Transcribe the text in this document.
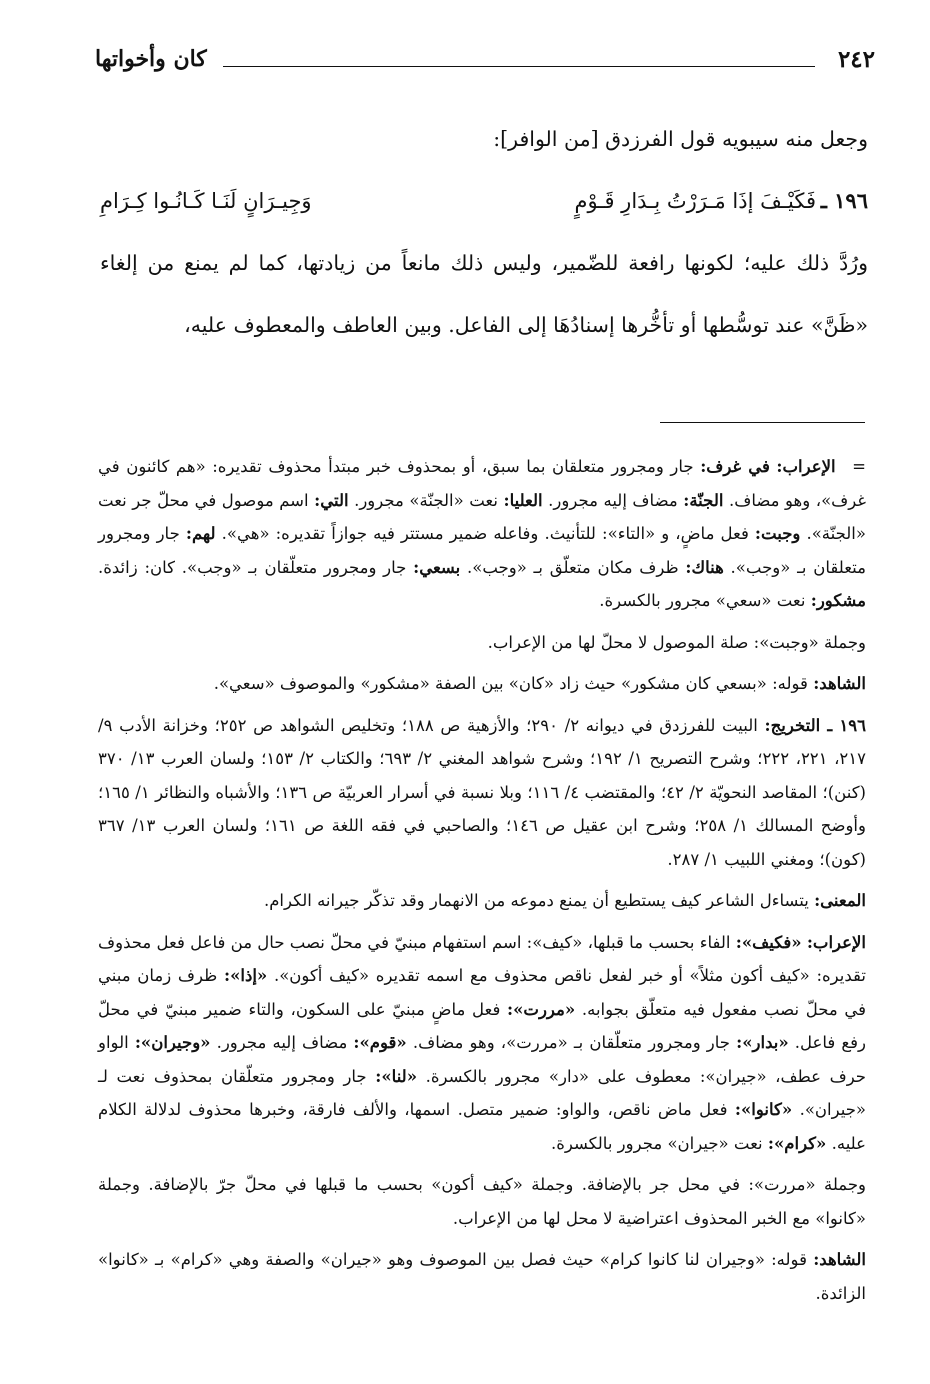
٢٤٢
كان وأخواتها

وجعل منه سيبويه قول الفرزدق [من الوافر]:

١٩٦ ـ
فَكَيْـفَ إذَا مَـرَرْتُ بِـدَارِ قَـوْمٍ
وَجِيـرَانٍ لَنَـا كَـانُـوا كِـرَامِ

ورُدَّ ذلك عليه؛ لكونها رافعة للضّمير، وليس ذلك مانعاً من زيادتها، كما لم يمنع من إلغاء «ظَنَّ» عند توسُّطها أو تأخُّرها إسنادُهَا إلى الفاعل. وبين العاطف والمعطوف عليه،

= الإعراب: في غرف: جار ومجرور متعلقان بما سبق، أو بمحذوف خبر مبتدأ محذوف تقديره: «هم كائنون في غرف»، وهو مضاف. الجنّة: مضاف إليه مجرور. العليا: نعت «الجنّة» مجرور. التي: اسم موصول في محلّ جر نعت «الجنّة». وجبت: فعل ماضٍ، و «التاء»: للتأنيث. وفاعله ضمير مستتر فيه جوازاً تقديره: «هي». لهم: جار ومجرور متعلقان بـ «وجب». هناك: ظرف مكان متعلّق بـ «وجب». بسعي: جار ومجرور متعلّقان بـ «وجب». كان: زائدة. مشكور: نعت «سعي» مجرور بالكسرة.

وجملة «وجبت»: صلة الموصول لا محلّ لها من الإعراب.

الشاهد: قوله: «بسعي كان مشكور» حيث زاد «كان» بين الصفة «مشكور» والموصوف «سعي».

١٩٦ ـ التخريج: البيت للفرزدق في ديوانه ٢/ ٢٩٠؛ والأزهية ص ١٨٨؛ وتخليص الشواهد ص ٢٥٢؛ وخزانة الأدب ٩/ ٢١٧، ٢٢١، ٢٢٢؛ وشرح التصريح ١/ ١٩٢؛ وشرح شواهد المغني ٢/ ٦٩٣؛ والكتاب ٢/ ١٥٣؛ ولسان العرب ١٣/ ٣٧٠ (كنن)؛ المقاصد النحويّة ٢/ ٤٢؛ والمقتضب ٤/ ١١٦؛ وبلا نسبة في أسرار العربيّة ص ١٣٦؛ والأشباه والنظائر ١/ ١٦٥؛ وأوضح المسالك ١/ ٢٥٨؛ وشرح ابن عقيل ص ١٤٦؛ والصاحبي في فقه اللغة ص ١٦١؛ ولسان العرب ١٣/ ٣٦٧ (كون)؛ ومغني اللبيب ١/ ٢٨٧.

المعنى: يتساءل الشاعر كيف يستطيع أن يمنع دموعه من الانهمار وقد تذكّر جيرانه الكرام.

الإعراب: «فكيف»: الفاء بحسب ما قبلها، «كيف»: اسم استفهام مبنيّ في محلّ نصب حال من فاعل فعل محذوف تقديره: «كيف أكون مثلاً» أو خبر لفعل ناقص محذوف مع اسمه تقديره «كيف أكون». «إذا»: ظرف زمان مبني في محلّ نصب مفعول فيه متعلّق بجوابه. «مررت»: فعل ماضٍ مبنيّ على السكون، والتاء ضمير مبنيّ في محلّ رفع فاعل. «بدار»: جار ومجرور متعلّقان بـ «مررت»، وهو مضاف. «قوم»: مضاف إليه مجرور. «وجيران»: الواو حرف عطف، «جيران»: معطوف على «دار» مجرور بالكسرة. «لنا»: جار ومجرور متعلّقان بمحذوف نعت لـ «جيران». «كانوا»: فعل ماض ناقص، والواو: ضمير متصل. اسمها، والألف فارقة، وخبرها محذوف لدلالة الكلام عليه. «كرام»: نعت «جيران» مجرور بالكسرة.

وجملة «مررت»: في محل جر بالإضافة. وجملة «كيف أكون» بحسب ما قبلها في محلّ جرّ بالإضافة. وجملة «كانوا» مع الخبر المحذوف اعتراضية لا محل لها من الإعراب.

الشاهد: قوله: «وجيران لنا كانوا كرام» حيث فصل بين الموصوف وهو «جيران» والصفة وهي «كرام» بـ «كانوا» الزائدة.
